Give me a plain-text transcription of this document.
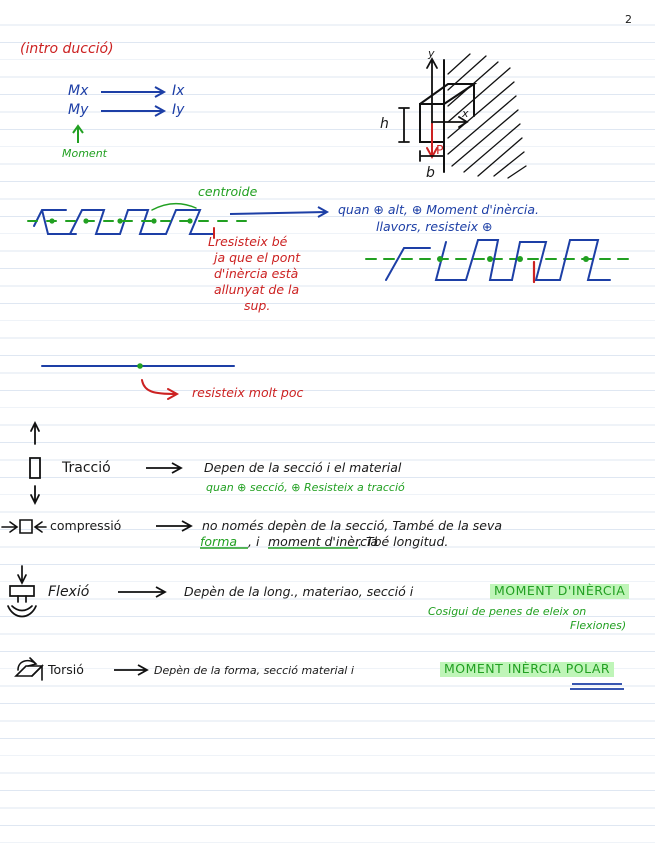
2
(intro ducció)
Mx
My
Ix
Iy
Moment
y
x
h
b
P
centroide
quan ⊕ alt, ⊕ Moment d'inèrcia.
llavors, resisteix ⊕
Lresisteix bé
ja que el pont
d'inèrcia està
allunyat de la
sup.
resisteix molt poc
Tracció	Depen de la secció i el material
quan ⊕ secció, ⊕ Resisteix a tracció
compressió	no només depèn de la secció, També de la seva
forma , i moment d'inèrcia
. Tbé longitud.
Flexió	Depèn de la long., materiao, secció i	MOMENT D'INÈRCIA
Cosigui de penes de eleix on
Flexiones)
Torsió	Depèn de la forma, secció material i	MOMENT INÈRCIA POLAR
